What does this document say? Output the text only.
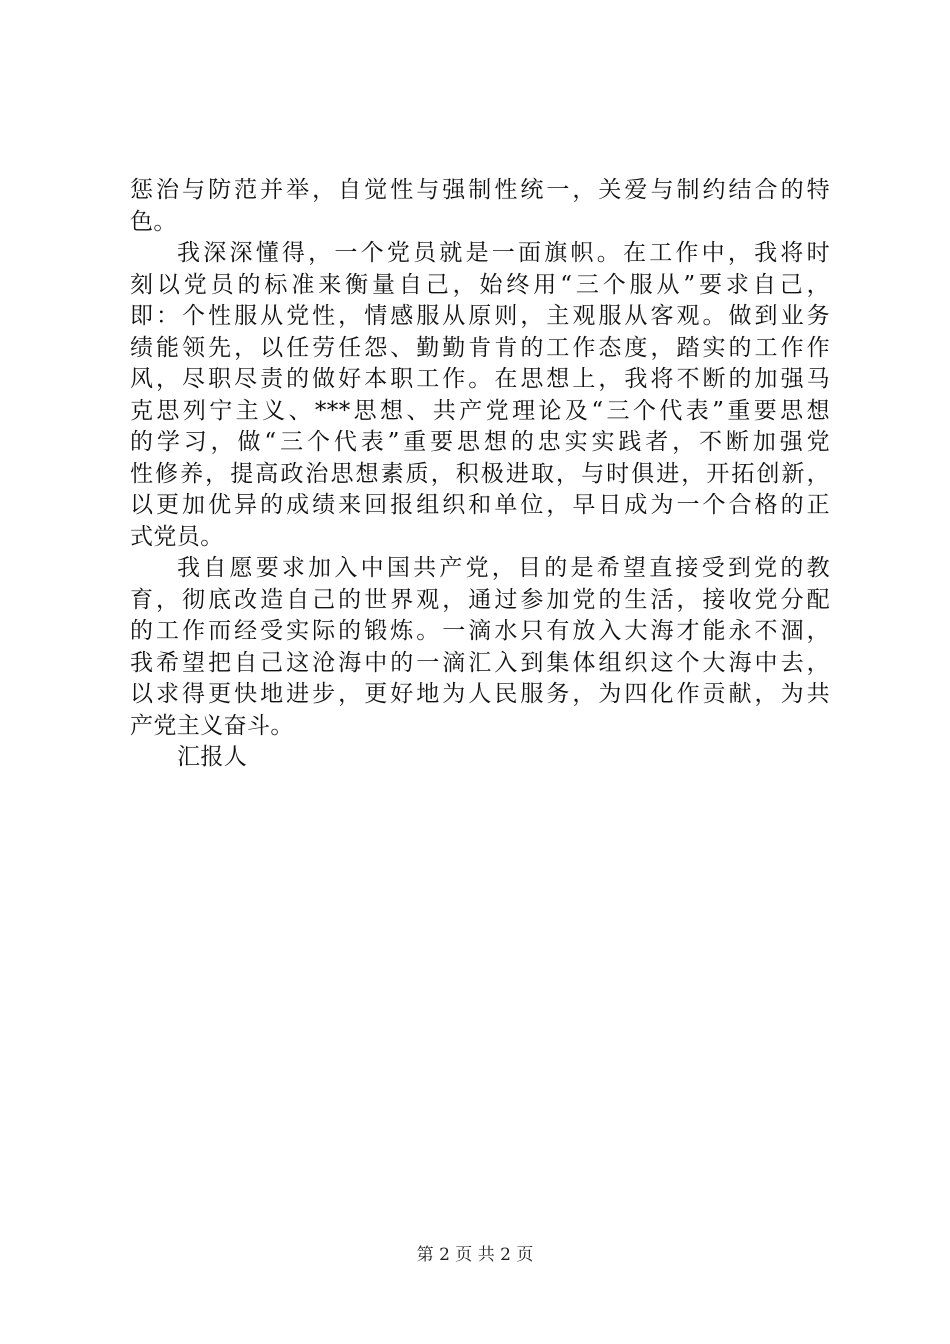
惩治与防范并举，自觉性与强制性统一，关爱与制约结合的特
色。
我深深懂得，一个党员就是一面旗帜。在工作中，我将时
刻以党员的标准来衡量自己，始终用“三个服从”要求自己，
即：个性服从党性，情感服从原则，主观服从客观。做到业务
绩能领先，以任劳任怨、勤勤肯肯的工作态度，踏实的工作作
风，尽职尽责的做好本职工作。在思想上，我将不断的加强马
克思列宁主义、***思想、共产党理论及“三个代表”重要思想
的学习，做“三个代表”重要思想的忠实实践者，不断加强党
性修养，提高政治思想素质，积极进取，与时俱进，开拓创新，
以更加优异的成绩来回报组织和单位，早日成为一个合格的正
式党员。
我自愿要求加入中国共产党，目的是希望直接受到党的教
育，彻底改造自己的世界观，通过参加党的生活，接收党分配
的工作而经受实际的锻炼。一滴水只有放入大海才能永不涸，
我希望把自己这沧海中的一滴汇入到集体组织这个大海中去，
以求得更快地进步，更好地为人民服务，为四化作贡献，为共
产党主义奋斗。
汇报人
第 2 页 共 2 页
